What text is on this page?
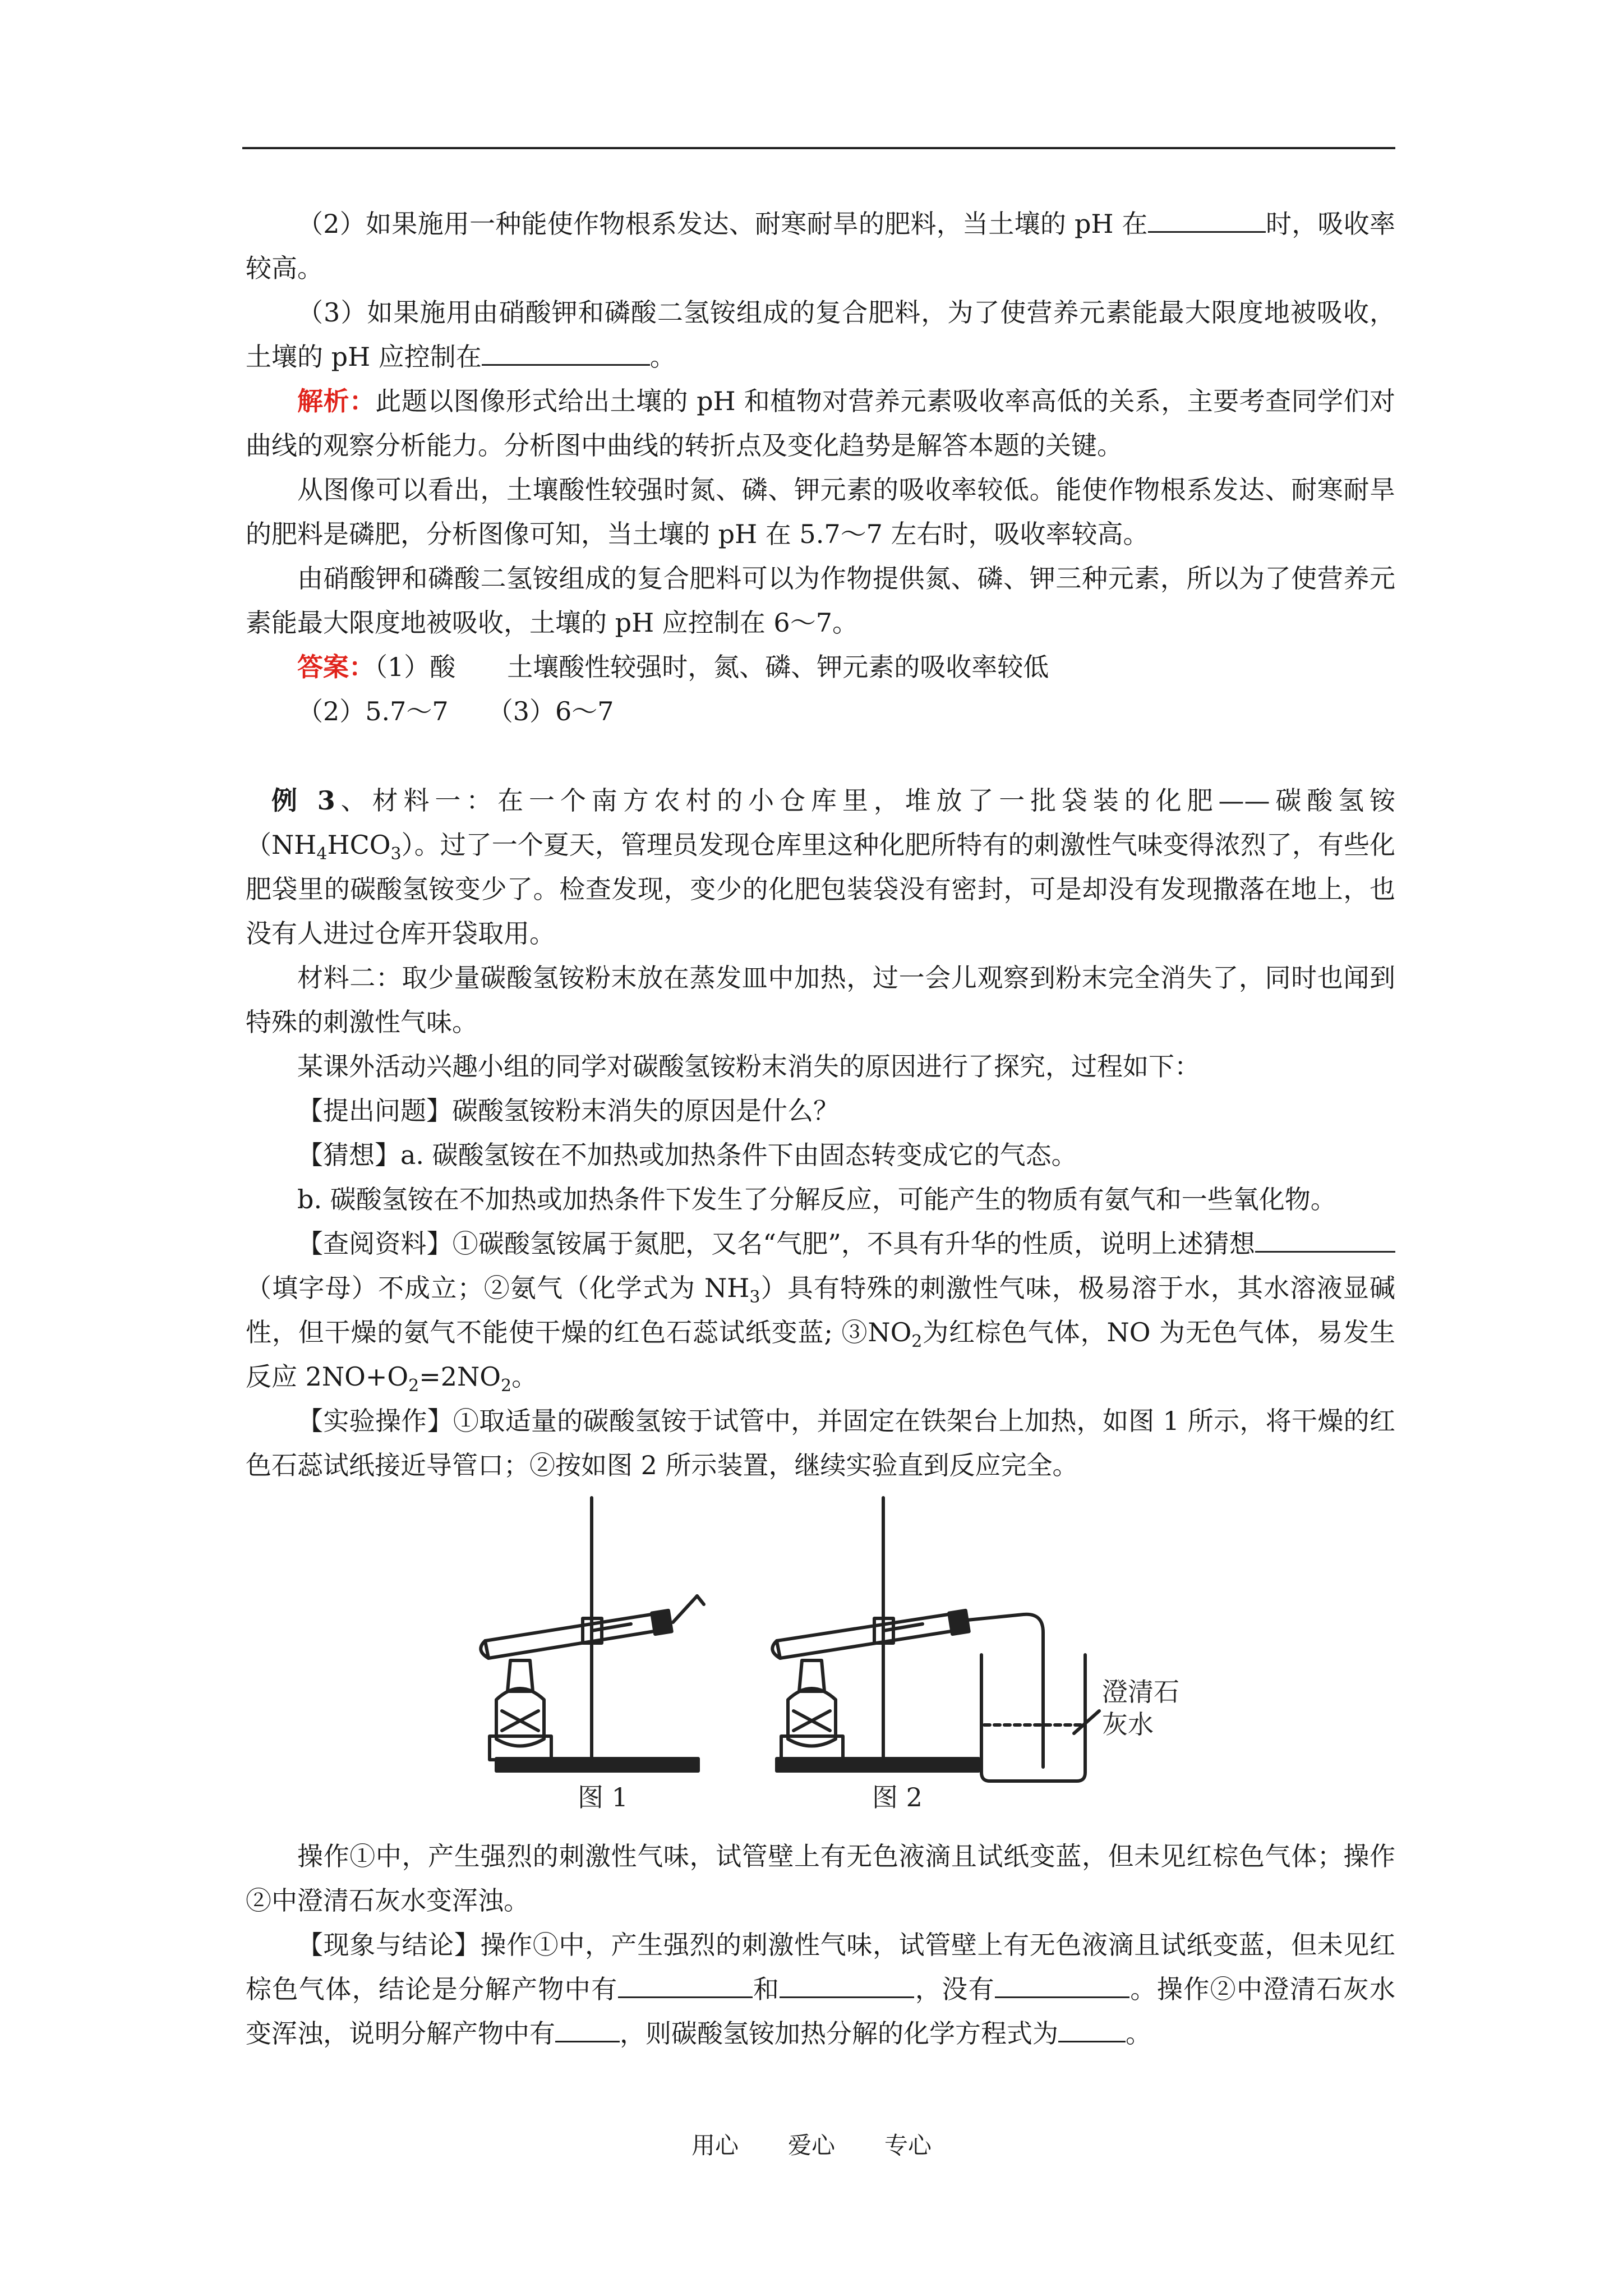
（2）如果施用一种能使作物根系发达、耐寒耐旱的肥料，当土壤的 pH 在	时，吸收率较高。

（3）如果施用由硝酸钾和磷酸二氢铵组成的复合肥料，为了使营养元素能最大限度地被吸收，土壤的 pH 应控制在	。

解析：此题以图像形式给出土壤的 pH 和植物对营养元素吸收率高低的关系，主要考查同学们对曲线的观察分析能力。分析图中曲线的转折点及变化趋势是解答本题的关键。

从图像可以看出，土壤酸性较强时氮、磷、钾元素的吸收率较低。能使作物根系发达、耐寒耐旱的肥料是磷肥，分析图像可知，当土壤的 pH 在 5.7～7 左右时，吸收率较高。

由硝酸钾和磷酸二氢铵组成的复合肥料可以为作物提供氮、磷、钾三种元素，所以为了使营养元素能最大限度地被吸收，土壤的 pH 应控制在 6～7。

答案：（1）酸　　土壤酸性较强时，氮、磷、钾元素的吸收率较低

（2）5.7～7　　（3）6～7

例 3、材料一：在一个南方农村的小仓库里，堆放了一批袋装的化肥——碳酸氢铵$(NH_4HCO_3)$。过了一个夏天，管理员发现仓库里这种化肥所特有的刺激性气味变得浓烈了，有些化肥袋里的碳酸氢铵变少了。检查发现，变少的化肥包装袋没有密封，可是却没有发现撒落在地上，也没有人进过仓库开袋取用。

材料二：取少量碳酸氢铵粉末放在蒸发皿中加热，过一会儿观察到粉末完全消失了，同时也闻到特殊的刺激性气味。

某课外活动兴趣小组的同学对碳酸氢铵粉末消失的原因进行了探究，过程如下：

【提出问题】碳酸氢铵粉末消失的原因是什么？

【猜想】a. 碳酸氢铵在不加热或加热条件下由固态转变成它的气态。

b. 碳酸氢铵在不加热或加热条件下发生了分解反应，可能产生的物质有氨气和一些氧化物。

【查阅资料】①碳酸氢铵属于氮肥，又名“气肥”，不具有升华的性质，说明上述猜想（填字母）不成立；②氨气（化学式为 $NH_3$）具有特殊的刺激性气味，极易溶于水，其水溶液显碱性，但干燥的氨气不能使干燥的红色石蕊试纸变蓝; $③NO_2$为红棕色气体，NO 为无色气体，易发生反应 $2NO+O_2=2NO_2$。

【实验操作】①取适量的碳酸氢铵于试管中，并固定在铁架台上加热，如图 1 所示，将干燥的红色石蕊试纸接近导管口；②按如图 2 所示装置，继续实验直到反应完全。

操作①中，产生强烈的刺激性气味，试管壁上有无色液滴且试纸变蓝，但未见红棕色气体；操作②中澄清石灰水变浑浊。

【现象与结论】操作①中，产生强烈的刺激性气味，试管壁上有无色液滴且试纸变蓝，但未见红棕色气体，结论是分解产物中有	和	，没有	。操作②中澄清石灰水变浑浊，说明分解产物中有	，则碳酸氢铵加热分解的化学方程式为	。

澄清石
灰水
图 1	图 2
用心 爱心 专心
